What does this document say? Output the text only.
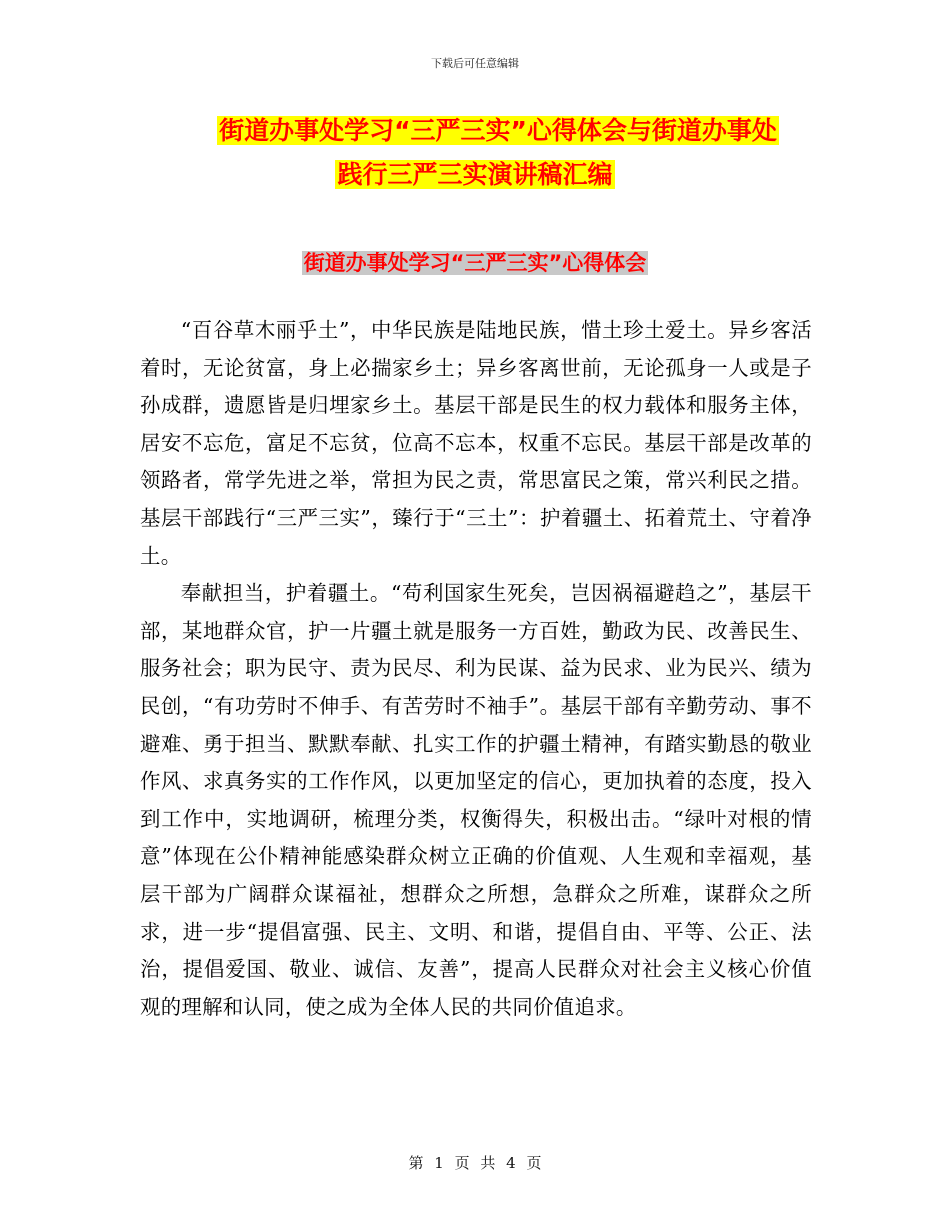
下载后可任意编辑
街道办事处学习“三严三实”心得体会与街道办事处
践行三严三实演讲稿汇编
街道办事处学习“三严三实”心得体会

“百谷草木丽乎土”，中华民族是陆地民族，惜土珍土爱土。异乡客活着时，无论贫富，身上必揣家乡土；异乡客离世前，无论孤身一人或是子孙成群，遗愿皆是归埋家乡土。基层干部是民生的权力载体和服务主体，居安不忘危，富足不忘贫，位高不忘本，权重不忘民。基层干部是改革的领路者，常学先进之举，常担为民之责，常思富民之策，常兴利民之措。基层干部践行“三严三实”，臻行于“三土”：护着疆土、拓着荒土、守着净土。

奉献担当，护着疆土。“苟利国家生死矣，岂因祸福避趋之”，基层干部，某地群众官，护一片疆土就是服务一方百姓，勤政为民、改善民生、服务社会；职为民守、责为民尽、利为民谋、益为民求、业为民兴、绩为民创，“有功劳时不伸手、有苦劳时不袖手”。基层干部有辛勤劳动、事不避难、勇于担当、默默奉献、扎实工作的护疆土精神，有踏实勤恳的敬业作风、求真务实的工作作风，以更加坚定的信心，更加执着的态度，投入到工作中，实地调研，梳理分类，权衡得失，积极出击。“绿叶对根的情意”体现在公仆精神能感染群众树立正确的价值观、人生观和幸福观，基层干部为广阔群众谋福祉，想群众之所想，急群众之所难，谋群众之所求，进一步“提倡富强、民主、文明、和谐，提倡自由、平等、公正、法治，提倡爱国、敬业、诚信、友善”，提高人民群众对社会主义核心价值观的理解和认同，使之成为全体人民的共同价值追求。

第 1 页 共 4 页
